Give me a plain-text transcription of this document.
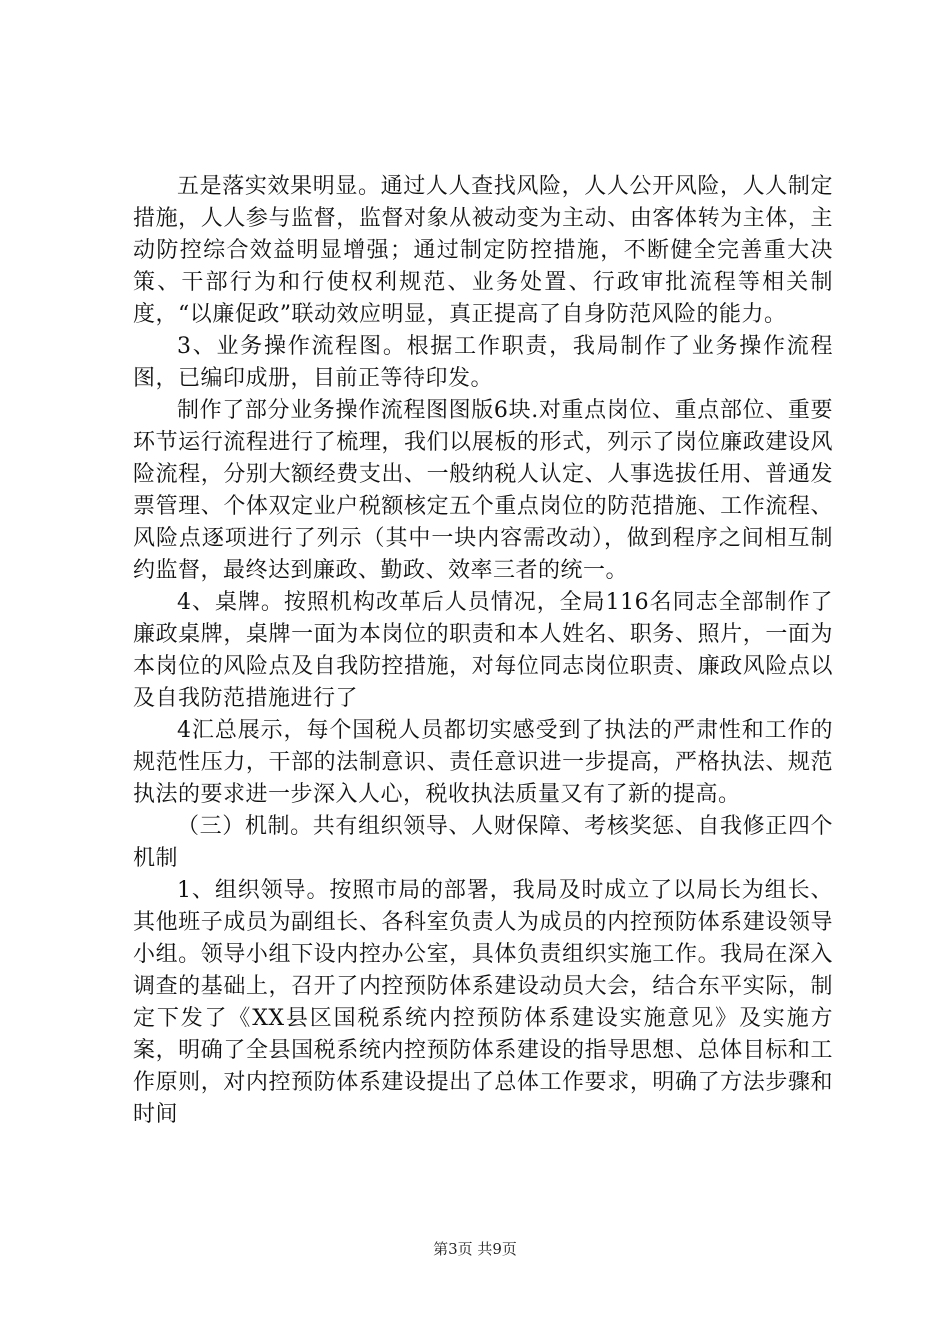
五是落实效果明显。通过人人查找风险，人人公开风险，人人制定措施，人人参与监督，监督对象从被动变为主动、由客体转为主体，主动防控综合效益明显增强；通过制定防控措施，不断健全完善重大决策、干部行为和行使权利规范、业务处置、行政审批流程等相关制度，“以廉促政”联动效应明显，真正提高了自身防范风险的能力。

3、业务操作流程图。根据工作职责，我局制作了业务操作流程图，已编印成册，目前正等待印发。

制作了部分业务操作流程图图版6块.对重点岗位、重点部位、重要环节运行流程进行了梳理，我们以展板的形式，列示了岗位廉政建设风险流程，分别大额经费支出、一般纳税人认定、人事选拔任用、普通发票管理、个体双定业户税额核定五个重点岗位的防范措施、工作流程、风险点逐项进行了列示（其中一块内容需改动），做到程序之间相互制约监督，最终达到廉政、勤政、效率三者的统一。

4、桌牌。按照机构改革后人员情况，全局116名同志全部制作了廉政桌牌，桌牌一面为本岗位的职责和本人姓名、职务、照片，一面为本岗位的风险点及自我防控措施，对每位同志岗位职责、廉政风险点以及自我防范措施进行了

4汇总展示，每个国税人员都切实感受到了执法的严肃性和工作的规范性压力，干部的法制意识、责任意识进一步提高，严格执法、规范执法的要求进一步深入人心，税收执法质量又有了新的提高。

（三）机制。共有组织领导、人财保障、考核奖惩、自我修正四个机制

1、组织领导。按照市局的部署，我局及时成立了以局长为组长、其他班子成员为副组长、各科室负责人为成员的内控预防体系建设领导小组。领导小组下设内控办公室，具体负责组织实施工作。我局在深入调查的基础上，召开了内控预防体系建设动员大会，结合东平实际，制定下发了《XX县区国税系统内控预防体系建设实施意见》及实施方案，明确了全县国税系统内控预防体系建设的指导思想、总体目标和工作原则，对内控预防体系建设提出了总体工作要求，明确了方法步骤和时间

第3页 共9页
